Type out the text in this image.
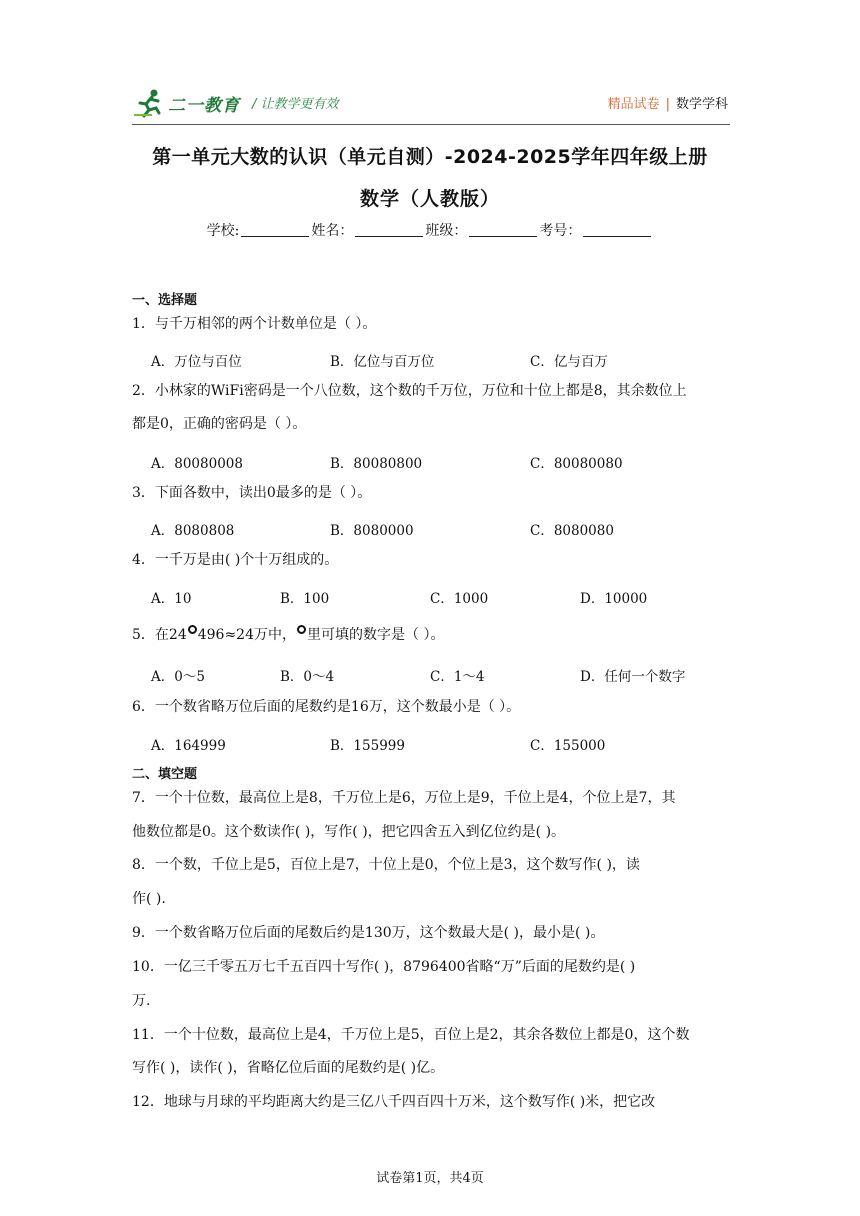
二一教育 / 让教学更有效	精品试卷 | 数学学科
第一单元大数的认识（单元自测）-2024-2025学年四年级上册
数学（人教版）
学校:	姓名：	班级：	考号：
一、选择题
1．与千万相邻的两个计数单位是（ ）。
A．万位与百位	B．亿位与百万位	C．亿与百万
2．小林家的WiFi密码是一个八位数，这个数的千万位，万位和十位上都是8，其余数位上
都是0，正确的密码是（ ）。
A．80080008	B．80080800	C．80080080
3．下面各数中，读出0最多的是（ ）。
A．8080808	B．8080000	C．8080080
4．一千万是由( )个十万组成的。
A．10	B．100	C．1000	D．10000
5．在24 496≈24万中， 里可填的数字是（ ）。
A．0～5	B．0～4	C．1～4	D．任何一个数字
6．一个数省略万位后面的尾数约是16万，这个数最小是（ ）。
A．164999	B．155999	C．155000
二、填空题
7．一个十位数，最高位上是8，千万位上是6，万位上是9，千位上是4，个位上是7，其
他数位都是0。这个数读作( )，写作( )，把它四舍五入到亿位约是( )。
8．一个数，千位上是5，百位上是7，十位上是0，个位上是3，这个数写作( )，读
作( ).
9．一个数省略万位后面的尾数后约是130万，这个数最大是( )，最小是( )。
10．一亿三千零五万七千五百四十写作( )，8796400省略“万”后面的尾数约是( )
万.
11．一个十位数，最高位上是4，千万位上是5，百位上是2，其余各数位上都是0，这个数
写作( )，读作( )，省略亿位后面的尾数约是( )亿。
12．地球与月球的平均距离大约是三亿八千四百四十万米，这个数写作( )米，把它改
试卷第1页，共4页
